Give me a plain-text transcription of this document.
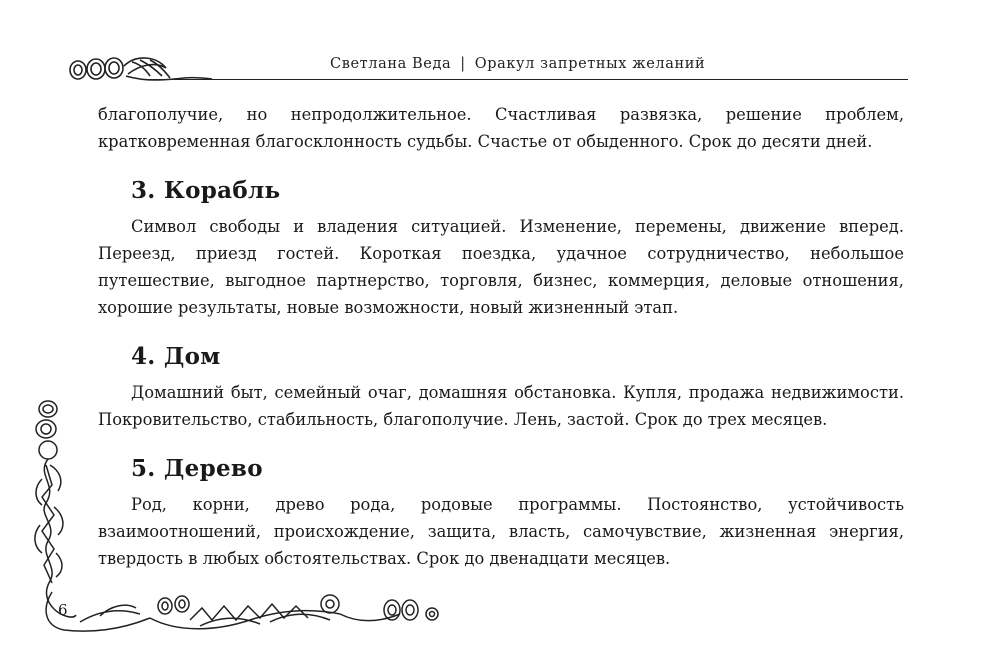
Светлана Веда | Оракул запретных желаний

благополучие, но непродолжительное. Счастливая развязка, решение проблем, кратковременная благосклонность судьбы. Счастье от обыденного. Срок до десяти дней.

3. Корабль

Символ свободы и владения ситуацией. Изменение, перемены, движение вперед. Переезд, приезд гостей. Короткая поездка, удачное сотрудничество, небольшое путешествие, выгодное партнерство, торговля, бизнес, коммерция, деловые отношения, хорошие результаты, новые возможности, новый жизненный этап.

4. Дом

Домашний быт, семейный очаг, домашняя обстановка. Купля, продажа недвижимости. Покровительство, стабильность, благополучие. Лень, застой. Срок до трех месяцев.

5. Дерево

Род, корни, древо рода, родовые программы. Постоянство, устойчивость взаимоотношений, происхождение, защита, власть, самочувствие, жизненная энергия, твердость в любых обстоятельствах. Срок до двенадцати месяцев.

6
